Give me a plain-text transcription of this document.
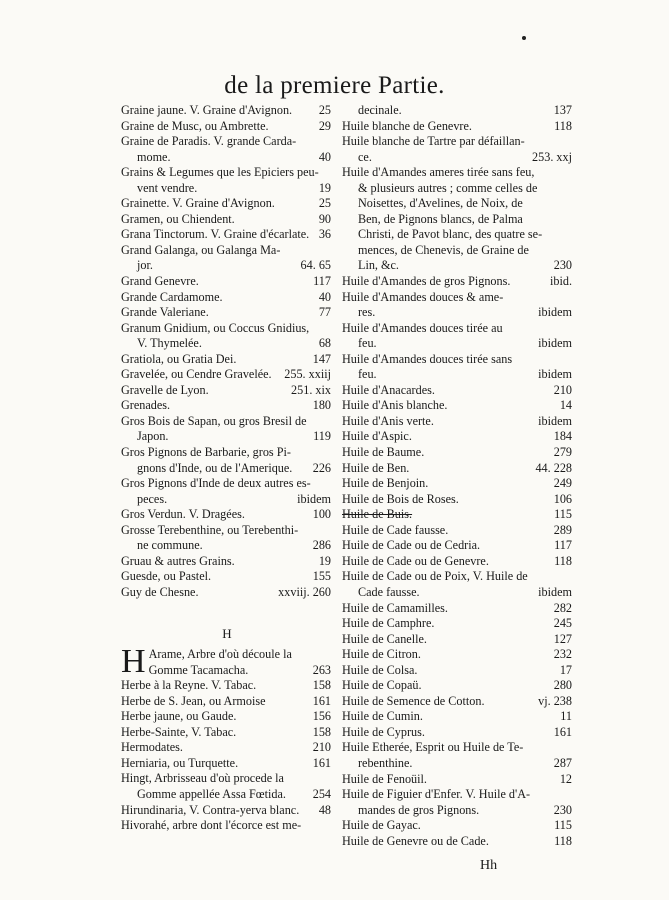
de la premiere Partie.
Graine jaune. V. Graine d'Avignon. 25
Graine de Musc, ou Ambrette.	29
Graine de Paradis. V. grande Carda-
mome.	40
Grains & Legumes que les Epiciers peu-
vent vendre.	19
Grainette. V. Graine d'Avignon.	25
Gramen, ou Chiendent.	90
Grana Tinctorum. V. Graine d'écarlate. 36
Grand Galanga, ou Galanga Ma-
jor.	64. 65
Grand Genevre.	117
Grande Cardamome.	40
Grande Valeriane.	77
Granum Gnidium, ou Coccus Gnidius,
V. Thymelée.	68
Gratiola, ou Gratia Dei.	147
Gravelée, ou Cendre Gravelée. 255. xxiij
Gravelle de Lyon.	251. xix
Grenades.	180
Gros Bois de Sapan, ou gros Bresil de
Japon.	119
Gros Pignons de Barbarie, gros Pi-
gnons d'Inde, ou de l'Amerique. 226
Gros Pignons d'Inde de deux autres es-
peces.	ibidem
Gros Verdun. V. Dragées.	100
Grosse Terebenthine, ou Terebenthi-
ne commune.	286
Gruau & autres Grains.	19
Guesde, ou Pastel.	155
Guy de Chesne.	xxviij. 260
H
H Arame, Arbre d'où découle la
Gomme Tacamacha.	263
Herbe à la Reyne. V. Tabac.	158
Herbe de S. Jean, ou Armoise	161
Herbe jaune, ou Gaude.	156
Herbe-Sainte, V. Tabac.	158
Hermodates.	210
Herniaria, ou Turquette.	161
Hingt, Arbrisseau d'où procede la
Gomme appellée Assa Fœtida. 254
Hirundinaria, V. Contra-yerva blanc. 48
Hivorahé, arbre dont l'écorce est me-
decinale.	137
Huile blanche de Genevre.	118
Huile blanche de Tartre par défaillan-
ce.	253. xxj
Huile d'Amandes ameres tirée sans feu,
& plusieurs autres ; comme celles de
Noisettes, d'Avelines, de Noix, de
Ben, de Pignons blancs, de Palma
Christi, de Pavot blanc, des quatre se-
mences, de Chenevis, de Graine de
Lin, &c.	230
Huile d'Amandes de gros Pignons.	ibid.
Huile d'Amandes douces & ame-
res.	ibidem
Huile d'Amandes douces tirée au
feu.	ibidem
Huile d'Amandes douces tirée sans
feu.	ibidem
Huile d'Anacardes.	210
Huile d'Anis blanche.	14
Huile d'Anis verte.	ibidem
Huile d'Aspic.	184
Huile de Baume.	279
Huile de Ben.	44. 228
Huile de Benjoin.	249
Huile de Bois de Roses.	106
Huile de Buis.	115
Huile de Cade fausse.	289
Huile de Cade ou de Cedria.	117
Huile de Cade ou de Genevre.	118
Huile de Cade ou de Poix, V. Huile de
Cade fausse.	ibidem
Huile de Camamilles.	282
Huile de Camphre.	245
Huile de Canelle.	127
Huile de Citron.	232
Huile de Colsa.	17
Huile de Copaü.	280
Huile de Semence de Cotton.	vj. 238
Huile de Cumin.	11
Huile de Cyprus.	161
Huile Etherée, Esprit ou Huile de Te-
rebenthine.	287
Huile de Fenoüil.	12
Huile de Figuier d'Enfer. V. Huile d'A-
mandes de gros Pignons.	230
Huile de Gayac.	115
Huile de Genevre ou de Cade.	118
Hh
